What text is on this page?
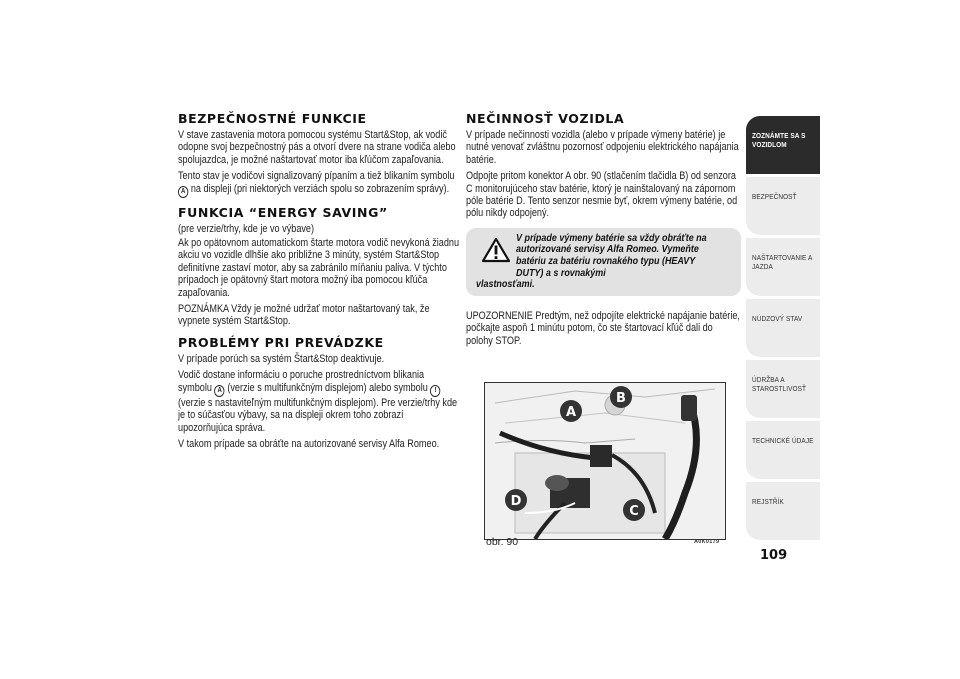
BEZPEČNOSTNÉ FUNKCIE

V stave zastavenia motora pomocou systému Start&Stop, ak vodič odopne svoj bezpečnostný pás a otvorí dvere na strane vodiča alebo spolujazdca, je možné naštartovať motor iba kľúčom zapaľovania.

Tento stav je vodičovi signalizovaný pípaním a tiež blikaním symbolu A na displeji (pri niektorých verziách spolu so zobrazením správy).

FUNKCIA “ENERGY SAVING”

(pre verzie/trhy, kde je vo výbave)

Ak po opätovnom automatickom štarte motora vodič nevykoná žiadnu akciu vo vozidle dlhšie ako približne 3 minúty, systém Start&Stop definitívne zastaví motor, aby sa zabránilo míňaniu paliva. V týchto prípadoch je opätovný štart motora možný iba pomocou kľúča zapaľovania.

POZNÁMKA Vždy je možné udržať motor naštartovaný tak, že vypnete systém Start&Stop.

PROBLÉMY PRI PREVÁDZKE

V prípade porúch sa systém Štart&Stop deaktivuje.

Vodič dostane informáciu o poruche prostredníctvom blikania symbolu A (verzie s multifunkčným displejom) alebo symbolu ! (verzie s nastaviteľným multifunkčným displejom). Pre verzie/trhy kde je to súčasťou výbavy, sa na displeji okrem toho zobrazí upozorňujúca správa.

V takom prípade sa obráťte na autorizované servisy Alfa Romeo.

NEČINNOSŤ VOZIDLA

V prípade nečinnosti vozidla (alebo v prípade výmeny batérie) je nutné venovať zvláštnu pozornosť odpojeniu elektrického napájania batérie.

Odpojte pritom konektor A obr. 90 (stlačením tlačidla B) od senzora C monitorujúceho stav batérie, ktorý je nainštalovaný na zápornom póle batérie D. Tento senzor nesmie byť, okrem výmeny batérie, od pólu nikdy odpojený.

V prípade výmeny batérie sa vždy obráťte na autorizované servisy Alfa Romeo. Vymeňte batériu za batériu rovnakého typu (HEAVY DUTY) a s rovnakými
vlastnosťami.

UPOZORNENIE Predtým, než odpojíte elektrické napájanie batérie, počkajte aspoň 1 minútu potom, čo ste štartovací kľúč dali do polohy STOP.

A
B
C
D
obr. 90	A0K0179
ZOZNÁMTE SA S VOZIDLOM
BEZPEČNOSŤ
NAŠTARTOVANIE A JAZDA
NÚDZOVÝ STAV
ÚDRŽBA A STAROSTLIVOSŤ
TECHNICKÉ ÚDAJE
REJSTŘÍK
109
